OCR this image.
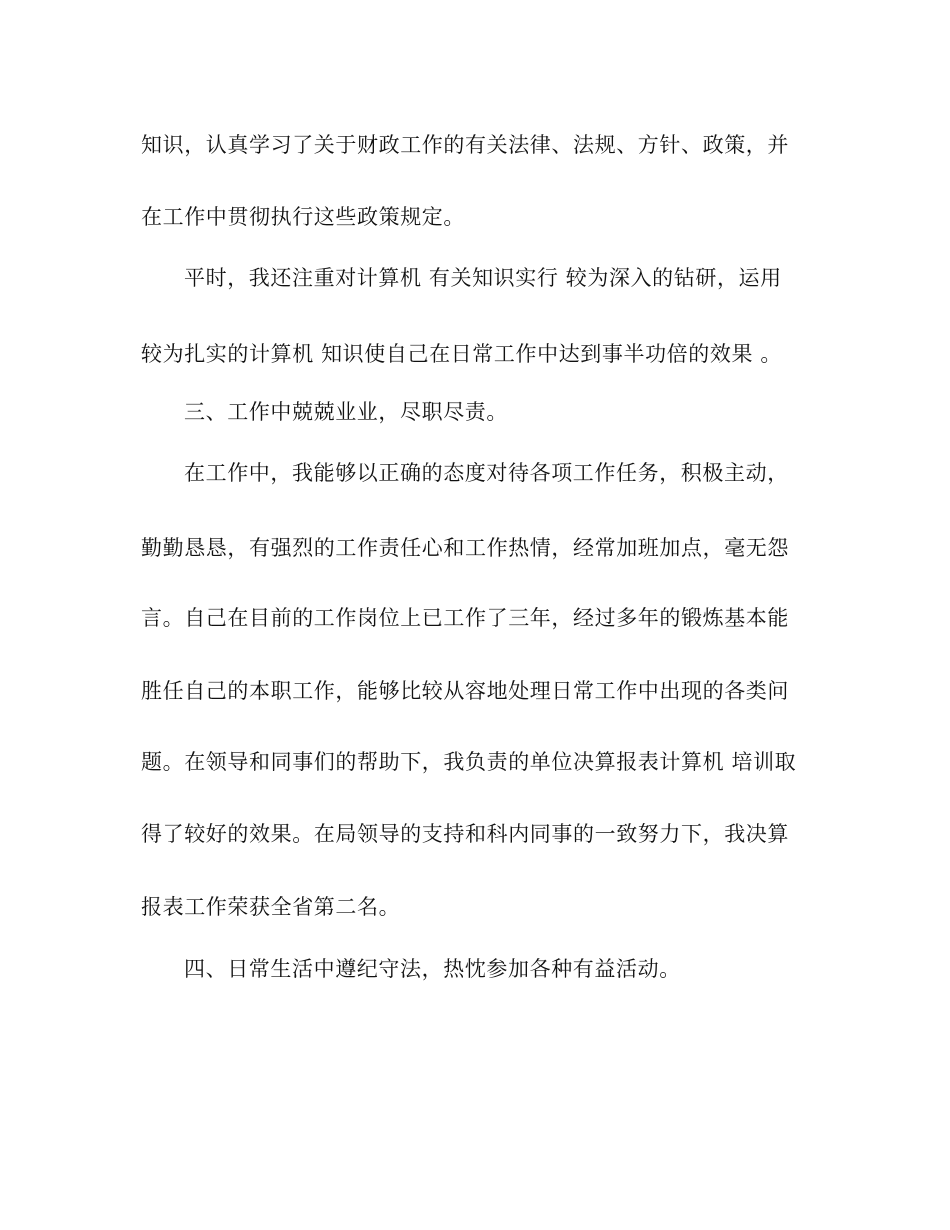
知识，认真学习了关于财政工作的有关法律、法规、方针、政策，并
在工作中贯彻执行这些政策规定。
平时，我还注重对计算机 有关知识实行 较为深入的钻研，运用
较为扎实的计算机 知识使自己在日常工作中达到事半功倍的效果 。
三、工作中兢兢业业，尽职尽责。
在工作中，我能够以正确的态度对待各项工作任务，积极主动，
勤勤恳恳，有强烈的工作责任心和工作热情，经常加班加点，毫无怨
言。自己在目前的工作岗位上已工作了三年，经过多年的锻炼基本能
胜任自己的本职工作，能够比较从容地处理日常工作中出现的各类问
题。在领导和同事们的帮助下，我负责的单位决算报表计算机 培训取
得了较好的效果。在局领导的支持和科内同事的一致努力下，我决算
报表工作荣获全省第二名。
四、日常生活中遵纪守法，热忱参加各种有益活动。
